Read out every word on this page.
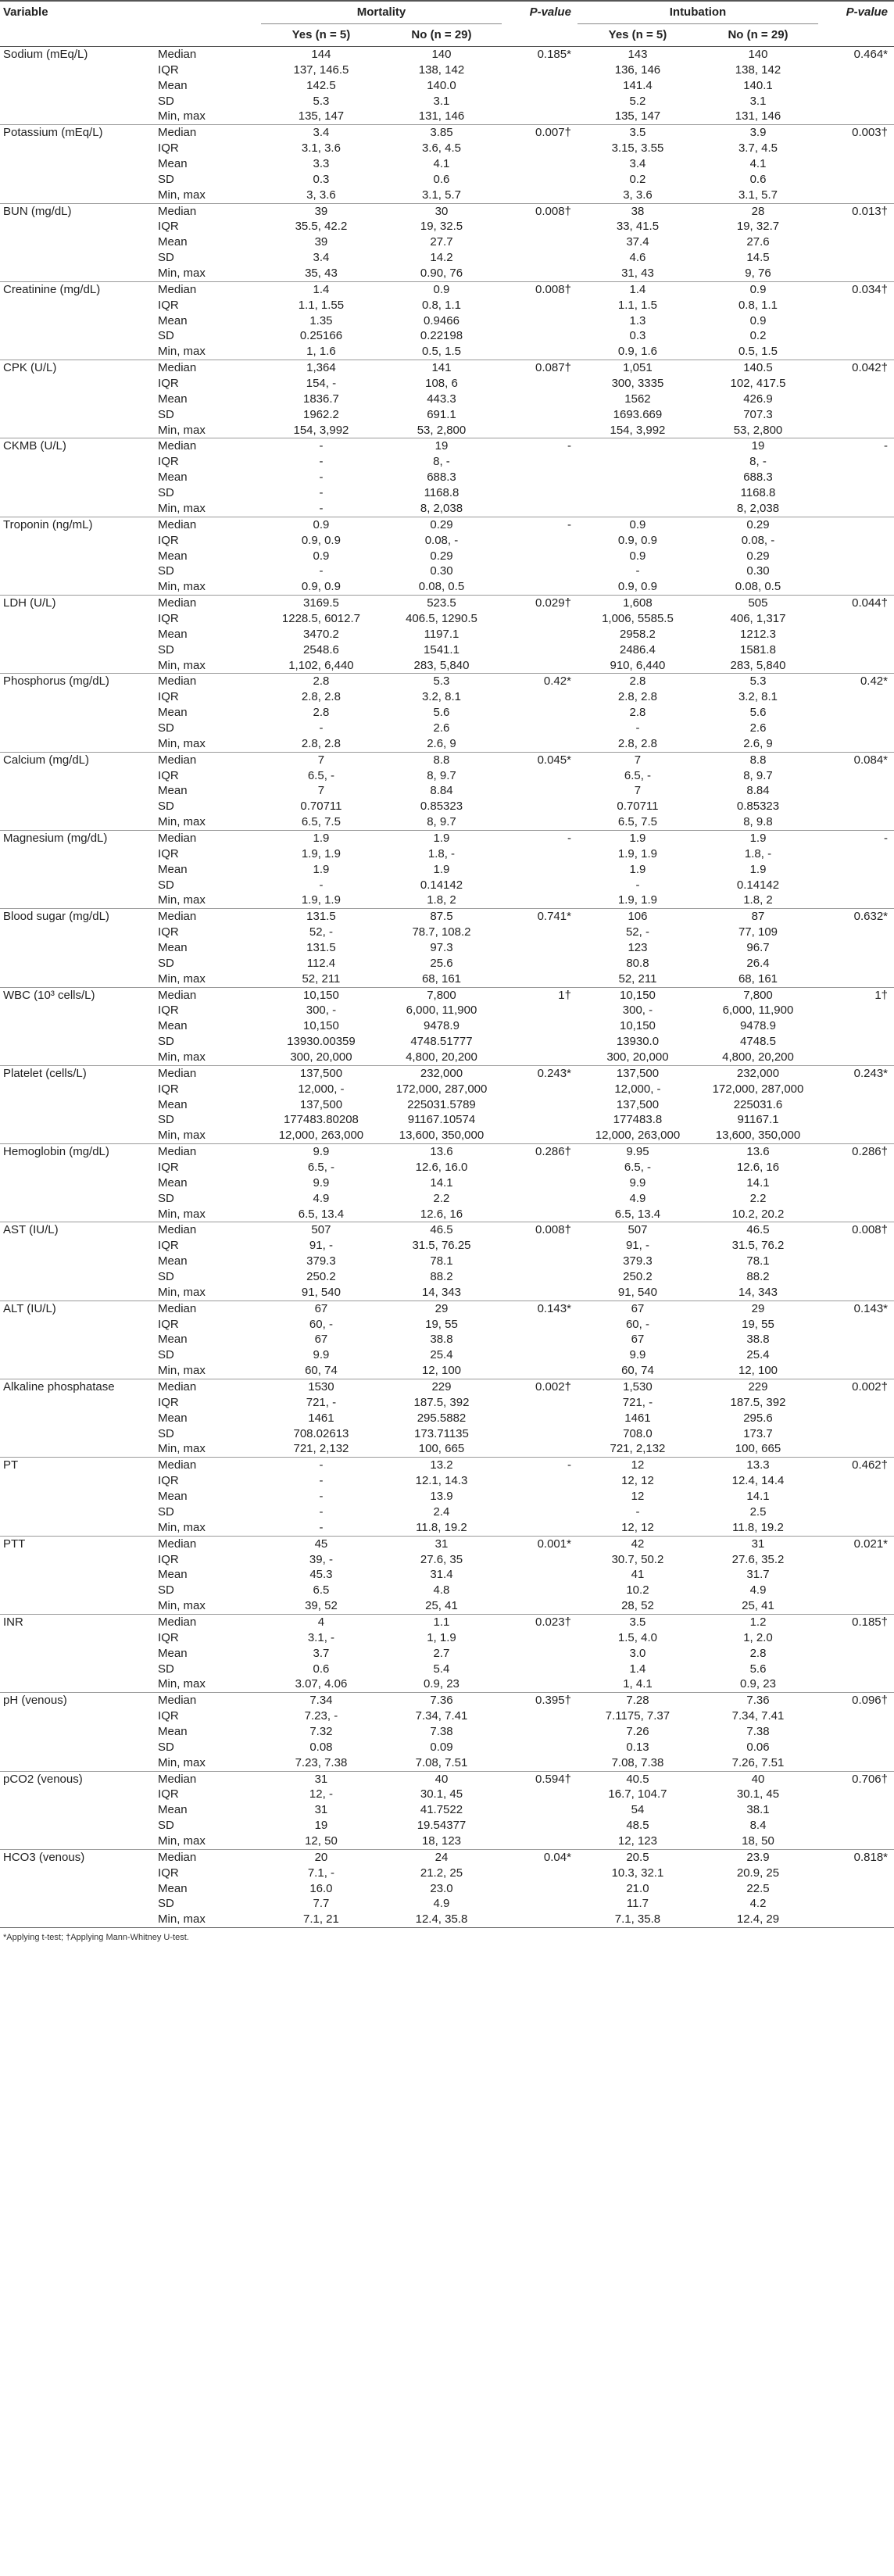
Variable		Mortality		P-value	Intubation		P-value
		Yes (n = 5)	No (n = 29)		Yes (n = 5)	No (n = 29)	
Sodium (mEq/L)	Median	144	140	0.185*	143	140	0.464*
	IQR	137, 146.5	138, 142		136, 146	138, 142	
	Mean	142.5	140.0		141.4	140.1	
	SD	5.3	3.1		5.2	3.1	
	Min, max	135, 147	131, 146		135, 147	131, 146	
Potassium (mEq/L)	Median	3.4	3.85	0.007†	3.5	3.9	0.003†
	IQR	3.1, 3.6	3.6, 4.5		3.15, 3.55	3.7, 4.5	
	Mean	3.3	4.1		3.4	4.1	
	SD	0.3	0.6		0.2	0.6	
	Min, max	3, 3.6	3.1, 5.7		3, 3.6	3.1, 5.7	
BUN (mg/dL)	Median	39	30	0.008†	38	28	0.013†
	IQR	35.5, 42.2	19, 32.5		33, 41.5	19, 32.7	
	Mean	39	27.7		37.4	27.6	
	SD	3.4	14.2		4.6	14.5	
	Min, max	35, 43	0.90, 76		31, 43	9, 76	
Creatinine (mg/dL)	Median	1.4	0.9	0.008†	1.4	0.9	0.034†
	IQR	1.1, 1.55	0.8, 1.1		1.1, 1.5	0.8, 1.1	
	Mean	1.35	0.9466		1.3	0.9	
	SD	0.25166	0.22198		0.3	0.2	
	Min, max	1, 1.6	0.5, 1.5		0.9, 1.6	0.5, 1.5	
CPK (U/L)	Median	1,364	141	0.087†	1,051	140.5	0.042†
	IQR	154, -	108, 6		300, 3335	102, 417.5	
	Mean	1836.7	443.3		1562	426.9	
	SD	1962.2	691.1		1693.669	707.3	
	Min, max	154, 3,992	53, 2,800		154, 3,992	53, 2,800	
CKMB (U/L)	Median	-	19	-		19	-
	IQR	-	8, -			8, -	
	Mean	-	688.3			688.3	
	SD	-	1168.8			1168.8	
	Min, max	-	8, 2,038			8, 2,038	
Troponin (ng/mL)	Median	0.9	0.29	-	0.9	0.29	
	IQR	0.9, 0.9	0.08, -		0.9, 0.9	0.08, -	
	Mean	0.9	0.29		0.9	0.29	
	SD	-	0.30		-	0.30	
	Min, max	0.9, 0.9	0.08, 0.5		0.9, 0.9	0.08, 0.5	
LDH (U/L)	Median	3169.5	523.5	0.029†	1,608	505	0.044†
	IQR	1228.5, 6012.7	406.5, 1290.5		1,006, 5585.5	406, 1,317	
	Mean	3470.2	1197.1		2958.2	1212.3	
	SD	2548.6	1541.1		2486.4	1581.8	
	Min, max	1,102, 6,440	283, 5,840		910, 6,440	283, 5,840	
Phosphorus (mg/dL)	Median	2.8	5.3	0.42*	2.8	5.3	0.42*
	IQR	2.8, 2.8	3.2, 8.1		2.8, 2.8	3.2, 8.1	
	Mean	2.8	5.6		2.8	5.6	
	SD	-	2.6		-	2.6	
	Min, max	2.8, 2.8	2.6, 9		2.8, 2.8	2.6, 9	
Calcium (mg/dL)	Median	7	8.8	0.045*	7	8.8	0.084*
	IQR	6.5, -	8, 9.7		6.5, -	8, 9.7	
	Mean	7	8.84		7	8.84	
	SD	0.70711	0.85323		0.70711	0.85323	
	Min, max	6.5, 7.5	8, 9.7		6.5, 7.5	8, 9.8	
Magnesium (mg/dL)	Median	1.9	1.9	-	1.9	1.9	-
	IQR	1.9, 1.9	1.8, -		1.9, 1.9	1.8, -	
	Mean	1.9	1.9		1.9	1.9	
	SD	-	0.14142		-	0.14142	
	Min, max	1.9, 1.9	1.8, 2		1.9, 1.9	1.8, 2	
Blood sugar (mg/dL)	Median	131.5	87.5	0.741*	106	87	0.632*
	IQR	52, -	78.7, 108.2		52, -	77, 109	
	Mean	131.5	97.3		123	96.7	
	SD	112.4	25.6		80.8	26.4	
	Min, max	52, 211	68, 161		52, 211	68, 161	
WBC (10³ cells/L)	Median	10,150	7,800	1†	10,150	7,800	1†
	IQR	300, -	6,000, 11,900		300, -	6,000, 11,900	
	Mean	10,150	9478.9		10,150	9478.9	
	SD	13930.00359	4748.51777		13930.0	4748.5	
	Min, max	300, 20,000	4,800, 20,200		300, 20,000	4,800, 20,200	
Platelet (cells/L)	Median	137,500	232,000	0.243*	137,500	232,000	0.243*
	IQR	12,000, -	172,000, 287,000		12,000, -	172,000, 287,000	
	Mean	137,500	225031.5789		137,500	225031.6	
	SD	177483.80208	91167.10574		177483.8	91167.1	
	Min, max	12,000, 263,000	13,600, 350,000		12,000, 263,000	13,600, 350,000	
Hemoglobin (mg/dL)	Median	9.9	13.6	0.286†	9.95	13.6	0.286†
	IQR	6.5, -	12.6, 16.0		6.5, -	12.6, 16	
	Mean	9.9	14.1		9.9	14.1	
	SD	4.9	2.2		4.9	2.2	
	Min, max	6.5, 13.4	12.6, 16		6.5, 13.4	10.2, 20.2	
AST (IU/L)	Median	507	46.5	0.008†	507	46.5	0.008†
	IQR	91, -	31.5, 76.25		91, -	31.5, 76.2	
	Mean	379.3	78.1		379.3	78.1	
	SD	250.2	88.2		250.2	88.2	
	Min, max	91, 540	14, 343		91, 540	14, 343	
ALT (IU/L)	Median	67	29	0.143*	67	29	0.143*
	IQR	60, -	19, 55		60, -	19, 55	
	Mean	67	38.8		67	38.8	
	SD	9.9	25.4		9.9	25.4	
	Min, max	60, 74	12, 100		60, 74	12, 100	
Alkaline phosphatase	Median	1530	229	0.002†	1,530	229	0.002†
	IQR	721, -	187.5, 392		721, -	187.5, 392	
	Mean	1461	295.5882		1461	295.6	
	SD	708.02613	173.71135		708.0	173.7	
	Min, max	721, 2,132	100, 665		721, 2,132	100, 665	
PT	Median	-	13.2	-	12	13.3	0.462†
	IQR	-	12.1, 14.3		12, 12	12.4, 14.4	
	Mean	-	13.9		12	14.1	
	SD	-	2.4		-	2.5	
	Min, max	-	11.8, 19.2		12, 12	11.8, 19.2	
PTT	Median	45	31	0.001*	42	31	0.021*
	IQR	39, -	27.6, 35		30.7, 50.2	27.6, 35.2	
	Mean	45.3	31.4		41	31.7	
	SD	6.5	4.8		10.2	4.9	
	Min, max	39, 52	25, 41		28, 52	25, 41	
INR	Median	4	1.1	0.023†	3.5	1.2	0.185†
	IQR	3.1, -	1, 1.9		1.5, 4.0	1, 2.0	
	Mean	3.7	2.7		3.0	2.8	
	SD	0.6	5.4		1.4	5.6	
	Min, max	3.07, 4.06	0.9, 23		1, 4.1	0.9, 23	
pH (venous)	Median	7.34	7.36	0.395†	7.28	7.36	0.096†
	IQR	7.23, -	7.34, 7.41		7.1175, 7.37	7.34, 7.41	
	Mean	7.32	7.38		7.26	7.38	
	SD	0.08	0.09		0.13	0.06	
	Min, max	7.23, 7.38	7.08, 7.51		7.08, 7.38	7.26, 7.51	
pCO2 (venous)	Median	31	40	0.594†	40.5	40	0.706†
	IQR	12, -	30.1, 45		16.7, 104.7	30.1, 45	
	Mean	31	41.7522		54	38.1	
	SD	19	19.54377		48.5	8.4	
	Min, max	12, 50	18, 123		12, 123	18, 50	
HCO3 (venous)	Median	20	24	0.04*	20.5	23.9	0.818*
	IQR	7.1, -	21.2, 25		10.3, 32.1	20.9, 25	
	Mean	16.0	23.0		21.0	22.5	
	SD	7.7	4.9		11.7	4.2	
	Min, max	7.1, 21	12.4, 35.8		7.1, 35.8	12.4, 29	
*Applying t-test; †Applying Mann-Whitney U-test.
